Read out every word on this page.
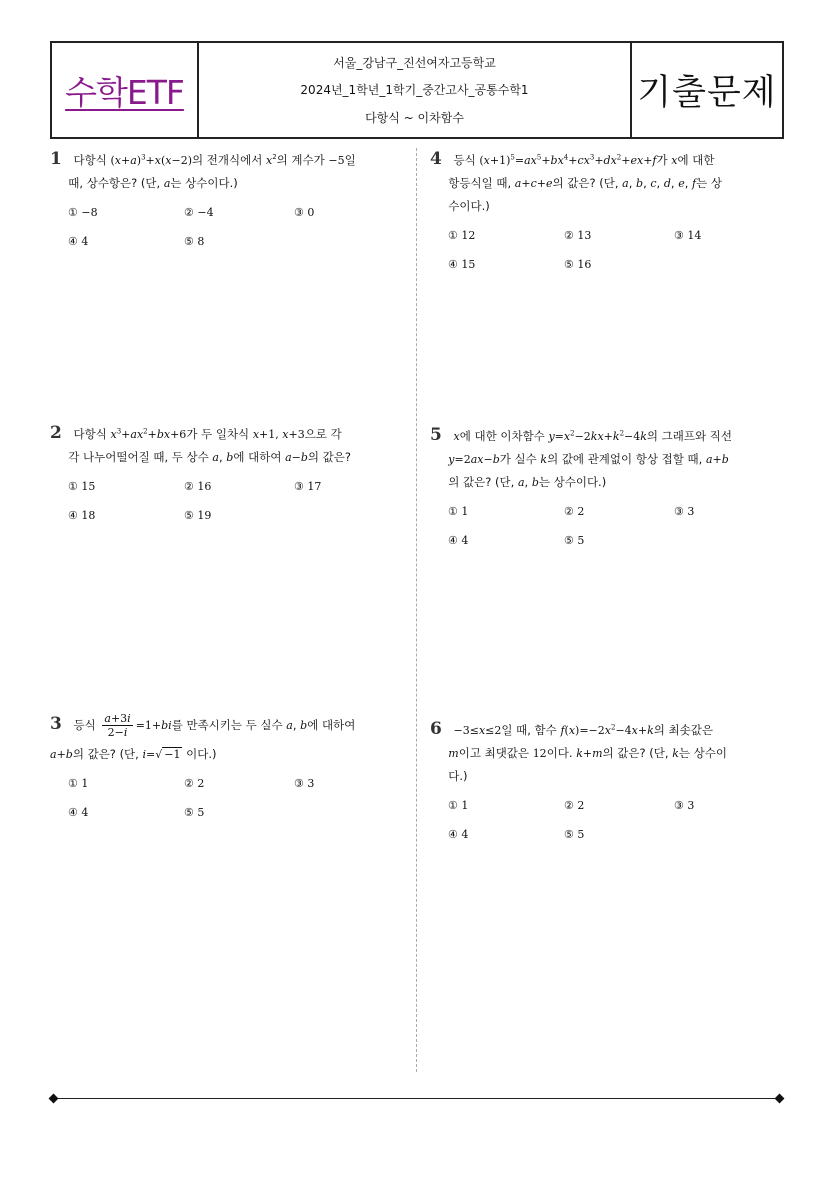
수학ETF
서울_강남구_진선여자고등학교
2024년_1학년_1학기_중간고사_공통수학1
다항식 ~ 이차함수
기출문제
1 다항식 $(x+a)^3+x(x-2)$의 전개식에서 $x^2$의 계수가 −5일
때, 상수항은? (단, a는 상수이다.)
① −8	② −4	③ 0
④ 4	⑤ 8
2 다항식 $x^3+ax^2+bx+6$가 두 일차식 x+1, x+3으로 각
각 나누어떨어질 때, 두 상수 a, b에 대하여 a−b의 값은?
① 15	② 16	③ 17
④ 18	⑤ 19
3 등식 $\frac{a+3i}{2-i} =1+bi$를 만족시키는 두 실수 a, b에 대하여
a+b의 값은? (단, i=√ −1 이다.)
① 1	② 2	③ 3
④ 4	⑤ 5
4 등식 $(x+1)^5=ax^5+bx^4+cx^3+dx^2+ex+f$가 x에 대한
항등식일 때, a+c+e의 값은? (단, a, b, c, d, e, f는 상
수이다.)
① 12	② 13	③ 14
④ 15	⑤ 16
5 x에 대한 이차함수 $y=x^2-2kx+k^2-4k$의 그래프와 직선
y=2ax−b가 실수 k의 값에 관계없이 항상 접할 때, a+b
의 값은? (단, a, b는 상수이다.)
① 1	② 2	③ 3
④ 4	⑤ 5
6 −3≤x≤2일 때, 함수 $f(x)=-2x^2-4x+k$의 최솟값은
m이고 최댓값은 12이다. k+m의 값은? (단, k는 상수이
다.)
① 1	② 2	③ 3
④ 4	⑤ 5
